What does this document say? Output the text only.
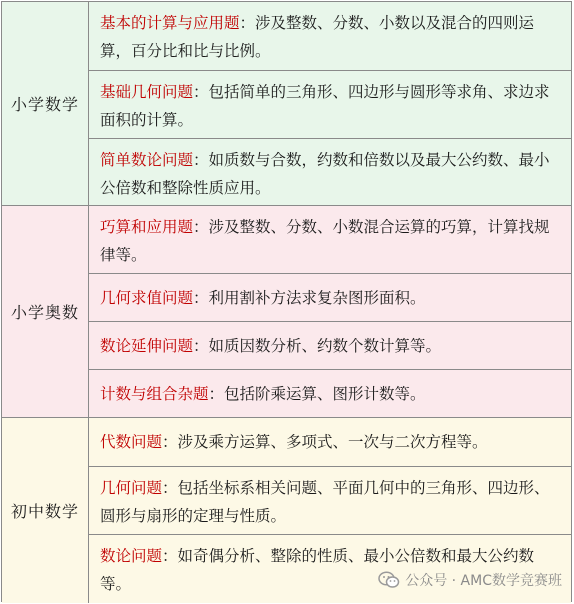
小学数学
基本的计算与应用题：涉及整数、分数、小数以及混合的四则运算，百分比和比与比例。
基础几何问题：包括简单的三角形、四边形与圆形等求角、求边求面积的计算。
简单数论问题：如质数与合数，约数和倍数以及最大公约数、最小公倍数和整除性质应用。
小学奥数
巧算和应用题：涉及整数、分数、小数混合运算的巧算，计算找规律等。
几何求值问题：利用割补方法求复杂图形面积。
数论延伸问题：如质因数分析、约数个数计算等。
计数与组合杂题：包括阶乘运算、图形计数等。
初中数学
代数问题：涉及乘方运算、多项式、一次与二次方程等。
几何问题：包括坐标系相关问题、平面几何中的三角形、四边形、圆形与扇形的定理与性质。
数论问题：如奇偶分析、整除的性质、最小公倍数和最大公约数等。	公众号 · AMC数学竞赛班
